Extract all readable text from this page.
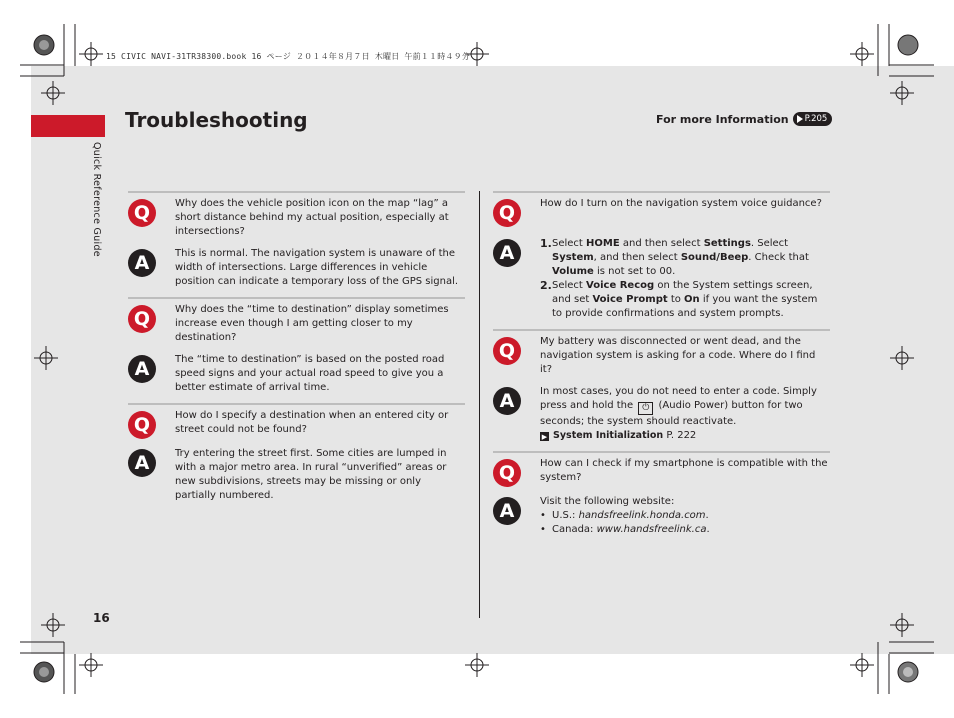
15 CIVIC NAVI-31TR38300.book 16 ページ ２０１４年８月７日 木曜日 午前１１時４９分
Quick Reference Guide
Troubleshooting	For more Information P.205
Q	Why does the vehicle position icon on the map “lag” a short distance behind my actual position, especially at intersections?
A	This is normal. The navigation system is unaware of the width of intersections. Large differences in vehicle position can indicate a temporary loss of the GPS signal.
Q	Why does the “time to destination” display sometimes increase even though I am getting closer to my destination?
A	The “time to destination” is based on the posted road speed signs and your actual road speed to give you a better estimate of arrival time.
Q	How do I specify a destination when an entered city or street could not be found?
A	Try entering the street first. Some cities are lumped in with a major metro area. In rural “unverified” areas or new subdivisions, streets may be missing or only partially numbered.
Q	How do I turn on the navigation system voice guidance?
A	1. Select HOME and then select Settings. Select System, and then select Sound/Beep. Check that Volume is not set to 00.
2. Select Voice Recog on the System settings screen, and set Voice Prompt to On if you want the system to provide confirmations and system prompts.
Q	My battery was disconnected or went dead, and the navigation system is asking for a code. Where do I find it?
A	In most cases, you do not need to enter a code. Simply press and hold the ⏻ (Audio Power) button for two seconds; the system should reactivate.
▶ System Initialization P. 222
Q	How can I check if my smartphone is compatible with the system?
A	Visit the following website:
• U.S.: handsfreelink.honda.com.
• Canada: www.handsfreelink.ca.
16
